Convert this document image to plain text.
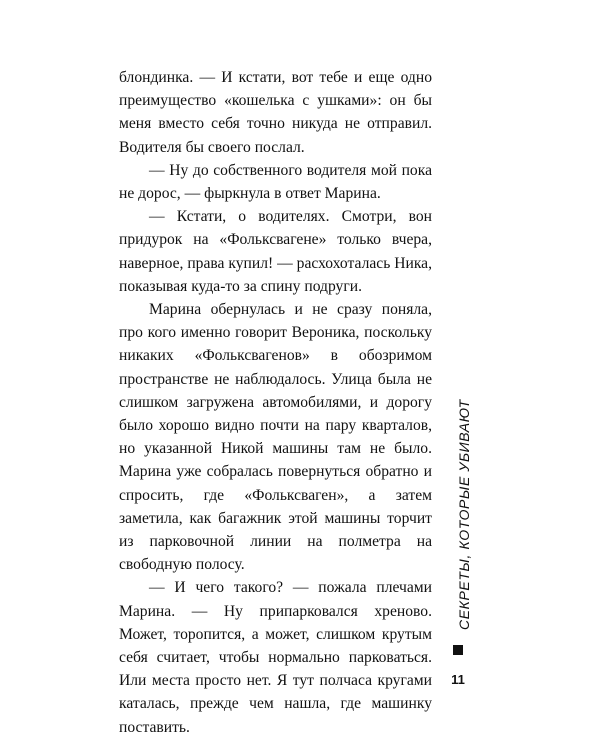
блондинка. — И кстати, вот тебе и еще одно преимущество «кошелька с ушками»: он бы меня вместо себя точно никуда не отправил. Водителя бы своего послал.

— Ну до собственного водителя мой пока не дорос, — фыркнула в ответ Марина.

— Кстати, о водителях. Смотри, вон придурок на «Фольксвагене» только вчера, наверное, права купил! — расхохоталась Ника, показывая куда-то за спину подруги.

Марина обернулась и не сразу поняла, про кого именно говорит Вероника, поскольку никаких «Фольксвагенов» в обозримом пространстве не наблюдалось. Улица была не слишком загружена автомобилями, и дорогу было хорошо видно почти на пару кварталов, но указанной Никой машины там не было. Марина уже собралась повернуться обратно и спросить, где «Фольксваген», а затем заметила, как багажник этой машины торчит из парковочной линии на полметра на свободную полосу.

— И чего такого? — пожала плечами Марина. — Ну припарковался хреново. Может, торопится, а может, слишком крутым себя считает, чтобы нормально парковаться. Или места просто нет. Я тут полчаса кругами каталась, прежде чем нашла, где машинку поставить.

СЕКРЕТЫ, КОТОРЫЕ УБИВАЮТ
11
